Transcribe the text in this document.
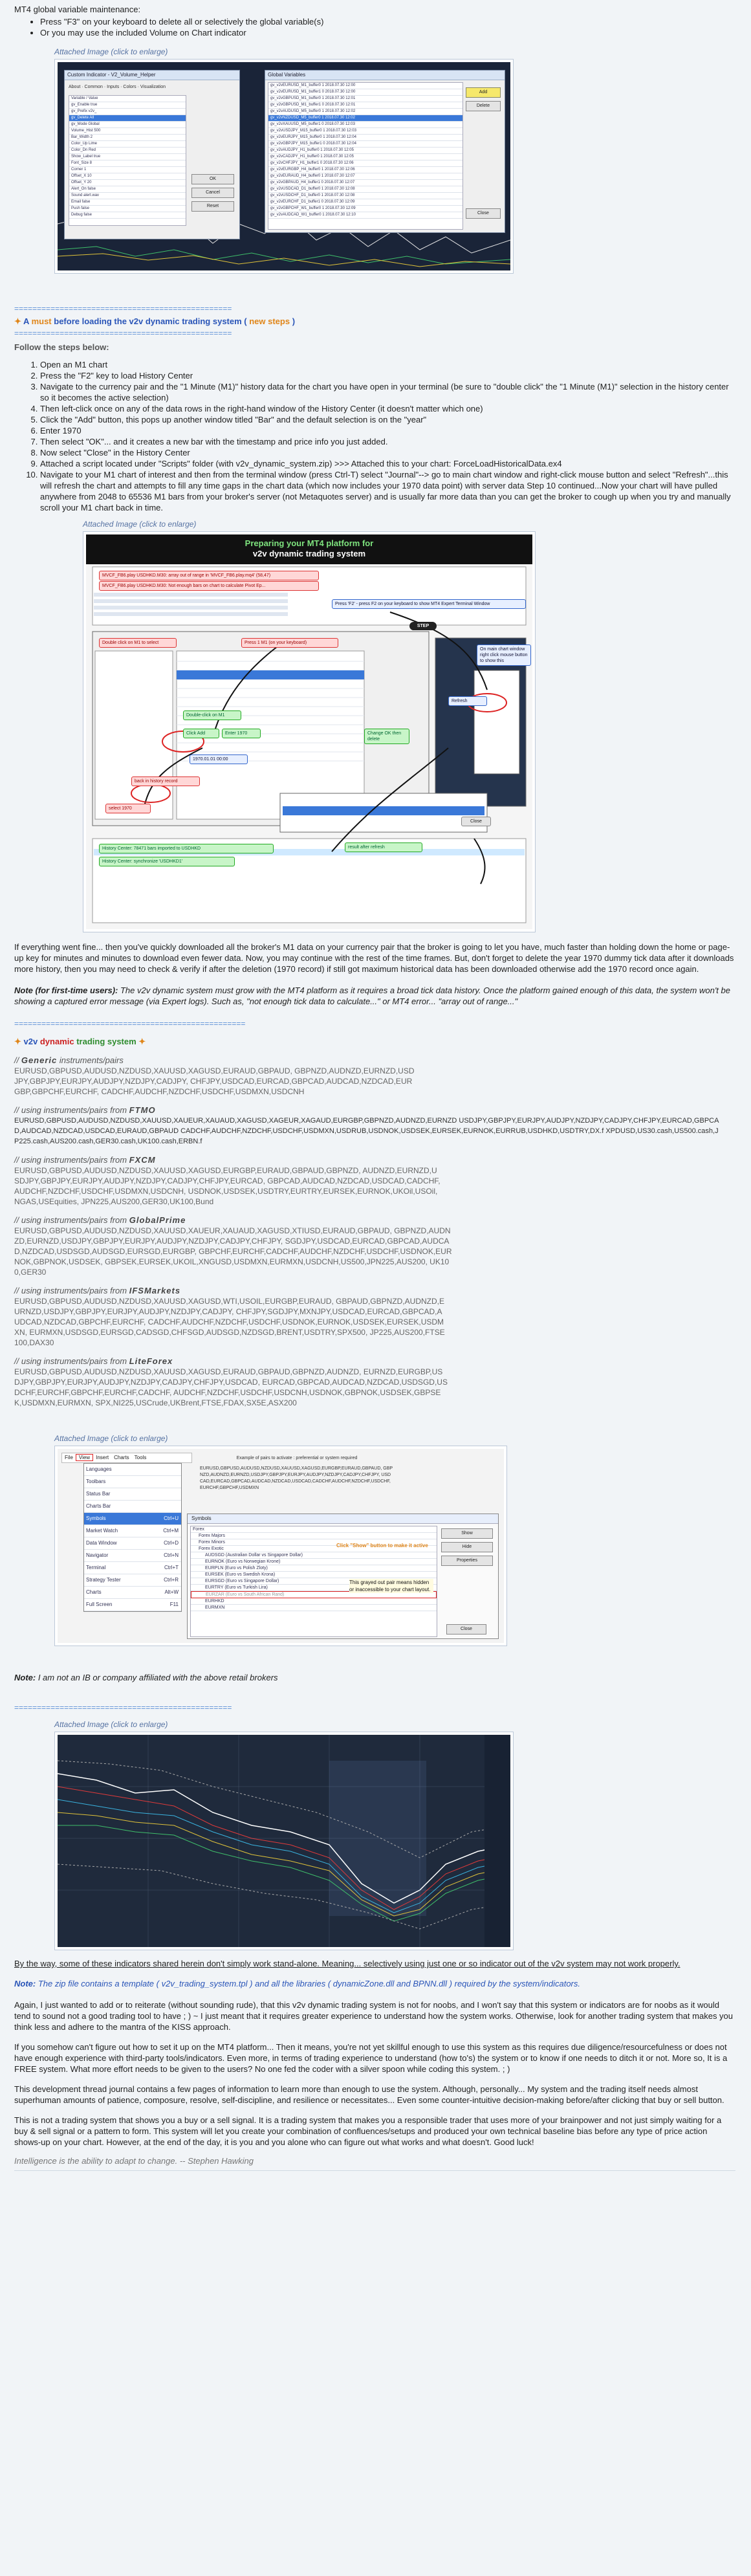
MT4 global variable maintenance:

• Press "F3" on your keyboard to delete all or selectively the global variable(s)
• Or you may use the included Volume on Chart indicator
Attached Image (click to enlarge)
Custom Indicator - V2_Volume_Helper
About · Common · Inputs · Colors · Visualization
Variable / Value
gv_Enable true
gv_Prefix v2v_
gv_Delete All
gv_Mode Global
Volume_Hist 500
Bar_Width 2
Color_Up Lime
Color_Dn Red
Show_Label true
Font_Size 8
Corner 1
Offset_X 10
Offset_Y 20
Alert_On false
Sound alert.wav
Email false
Push false
Debug false
OK
Cancel
Reset
Global Variables
gv_v2vEURUSD_M1_buffer0 1 2018.07.30 12:00
gv_v2vEURUSD_M1_buffer1 0 2018.07.30 12:00
gv_v2vGBPUSD_M1_buffer0 1 2018.07.30 12:01
gv_v2vGBPUSD_M1_buffer1 0 2018.07.30 12:01
gv_v2vAUDUSD_M5_buffer0 1 2018.07.30 12:02
gv_v2vNZDUSD_M5_buffer0 1 2018.07.30 12:02
gv_v2vXAUUSD_M5_buffer1 0 2018.07.30 12:03
gv_v2vUSDJPY_M15_buffer0 1 2018.07.30 12:03
gv_v2vEURJPY_M15_buffer0 1 2018.07.30 12:04
gv_v2vGBPJPY_M15_buffer1 0 2018.07.30 12:04
gv_v2vAUDJPY_H1_buffer0 1 2018.07.30 12:05
gv_v2vCADJPY_H1_buffer0 1 2018.07.30 12:05
gv_v2vCHFJPY_H1_buffer1 0 2018.07.30 12:06
gv_v2vEURGBP_H4_buffer0 1 2018.07.30 12:06
gv_v2vEURAUD_H4_buffer0 1 2018.07.30 12:07
gv_v2vGBPAUD_H4_buffer1 0 2018.07.30 12:07
gv_v2vUSDCAD_D1_buffer0 1 2018.07.30 12:08
gv_v2vUSDCHF_D1_buffer0 1 2018.07.30 12:08
gv_v2vEURCHF_D1_buffer1 0 2018.07.30 12:09
gv_v2vGBPCHF_W1_buffer0 1 2018.07.30 12:09
gv_v2vAUDCAD_W1_buffer0 1 2018.07.30 12:10
Add
Delete
Close

================================================

✦ A must before loading the v2v dynamic trading system ( new steps )

================================================

Follow the steps below:

1. Open an M1 chart
2. Press the "F2" key to load History Center
3. Navigate to the currency pair and the "1 Minute (M1)" history data for the chart you have open in your terminal (be sure to "double click" the "1 Minute (M1)" selection in the history center so it becomes the active selection)
4. Then left-click once on any of the data rows in the right-hand window of the History Center (it doesn't matter which one)
5. Click the "Add" button, this pops up another window titled "Bar" and the default selection is on the "year"
6. Enter 1970
7. Then select "OK"... and it creates a new bar with the timestamp and price info you just added.
8. Now select "Close" in the History Center
9. Attached a script located under "Scripts" folder (with v2v_dynamic_system.zip) >>> Attached this to your chart: ForceLoadHistoricalData.ex4
10. Navigate to your M1 chart of interest and then from the terminal window (press Ctrl-T) select "Journal"--> go to main chart window and right-click mouse button and select "Refresh"...this will refresh the chart and attempts to fill any time gaps in the chart data (which now includes your 1970 data point) with server data Step 10 continued...Now your chart will have pulled anywhere from 2048 to 65536 M1 bars from your broker's server (not Metaquotes server) and is usually far more data than you can get the broker to cough up when you try and manually scroll your M1 chart back in time.
Attached Image (click to enlarge)
Preparing your MT4 platform for
v2v dynamic trading system
MVCF_FB6.play USDHKD.M30: array out of range in 'MVCF_FB6.play.mq4' (58,47)
MVCF_FB6.play USDHKD.M30: Not enough bars on chart to calculate Pivot Ep...
Press 'F2' - press F2 on your keyboard to show MT4 Expert Terminal Window
Press 1 M1 (on your keyboard)
STEP
Double click on M1 to select
Double-click on M1
Click Add	Enter 1970
1970.01.01 00:00
back in history record
select 1970
Change OK then delete
Refresh
On main chart window right click mouse button to show this
History Center: 78471 bars imported to USDHKD
History Center: synchronize 'USDHKD1'
result after refresh
Close

If everything went fine... then you've quickly downloaded all the broker's M1 data on your currency pair that the broker is going to let you have, much faster than holding down the home or page-up key for minutes and minutes to download even fewer data. Now, you may continue with the rest of the time frames. But, don't forget to delete the year 1970 dummy tick data after it downloads more history, then you may need to check & verify if after the deletion (1970 record) if still got maximum historical data has been downloaded otherwise add the 1970 record once again.

Note (for first-time users): The v2v dynamic system must grow with the MT4 platform as it requires a broad tick data history. Once the platform gained enough of this data, the system won't be showing a captured error message (via Expert logs). Such as, "not enough tick data to calculate..." or MT4 error... "array out of range..."

===================================================

✦ v2v dynamic trading system ✦

// Generic instruments/pairs

EURUSD,GBPUSD,AUDUSD,NZDUSD,XAUUSD,XAGUSD,EURAUD,GBPAUD, GBPNZD,AUDNZD,EURNZD,USDJPY,GBPJPY,EURJPY,AUDJPY,NZDJPY,CADJPY, CHFJPY,USDCAD,EURCAD,GBPCAD,AUDCAD,NZDCAD,EURGBP,GBPCHF,EURCHF, CADCHF,AUDCHF,NZDCHF,USDCHF,USDMXN,USDCNH

// using instruments/pairs from FTMO

EURUSD,GBPUSD,AUDUSD,NZDUSD,XAUUSD,XAUEUR,XAUAUD,XAGUSD,XAGEUR,XAGAUD,EURGBP,GBPNZD,AUDNZD,EURNZD USDJPY,GBPJPY,EURJPY,AUDJPY,NZDJPY,CADJPY,CHFJPY,EURCAD,GBPCAD,AUDCAD,NZDCAD,USDCAD,EURAUD,GBPAUD CADCHF,AUDCHF,NZDCHF,USDCHF,USDMXN,USDRUB,USDNOK,USDSEK,EURSEK,EURNOK,EURRUB,USDHKD,USDTRY,DX.f XPDUSD,US30.cash,US500.cash,JP225.cash,AUS200.cash,GER30.cash,UK100.cash,ERBN.f

// using instruments/pairs from FXCM

EURUSD,GBPUSD,AUDUSD,NZDUSD,XAUUSD,XAGUSD,EURGBP,EURAUD,GBPAUD,GBPNZD, AUDNZD,EURNZD,USDJPY,GBPJPY,EURJPY,AUDJPY,NZDJPY,CADJPY,CHFJPY,EURCAD, GBPCAD,AUDCAD,NZDCAD,USDCAD,CADCHF,AUDCHF,NZDCHF,USDCHF,USDMXN,USDCNH, USDNOK,USDSEK,USDTRY,EURTRY,EURSEK,EURNOK,UKOil,USOil,NGAS,USEquities, JPN225,AUS200,GER30,UK100,Bund

// using instruments/pairs from GlobalPrime

EURUSD,GBPUSD,AUDUSD,NZDUSD,XAUUSD,XAUEUR,XAUAUD,XAGUSD,XTIUSD,EURAUD,GBPAUD, GBPNZD,AUDNZD,EURNZD,USDJPY,GBPJPY,EURJPY,AUDJPY,NZDJPY,CADJPY,CHFJPY, SGDJPY,USDCAD,EURCAD,GBPCAD,AUDCAD,NZDCAD,USDSGD,AUDSGD,EURSGD,EURGBP, GBPCHF,EURCHF,CADCHF,AUDCHF,NZDCHF,USDCHF,USDNOK,EURNOK,GBPNOK,USDSEK, GBPSEK,EURSEK,UKOIL,XNGUSD,USDMXN,EURMXN,USDCNH,US500,JPN225,AUS200, UK100,GER30

// using instruments/pairs from IFSMarkets

EURUSD,GBPUSD,AUDUSD,NZDUSD,XAUUSD,XAGUSD,WTI,USOIL,EURGBP,EURAUD, GBPAUD,GBPNZD,AUDNZD,EURNZD,USDJPY,GBPJPY,EURJPY,AUDJPY,NZDJPY,CADJPY, CHFJPY,SGDJPY,MXNJPY,USDCAD,EURCAD,GBPCAD,AUDCAD,NZDCAD,GBPCHF,EURCHF, CADCHF,AUDCHF,NZDCHF,USDCHF,USDNOK,EURNOK,USDSEK,EURSEK,USDMXN, EURMXN,USDSGD,EURSGD,CADSGD,CHFSGD,AUDSGD,NZDSGD,BRENT,USDTRY,SPX500, JP225,AUS200,FTSE100,DAX30

// using instruments/pairs from LiteForex

EURUSD,GBPUSD,AUDUSD,NZDUSD,XAUUSD,XAGUSD,EURAUD,GBPAUD,GBPNZD,AUDNZD, EURNZD,EURGBP,USDJPY,GBPJPY,EURJPY,AUDJPY,NZDJPY,CADJPY,CHFJPY,USDCAD, EURCAD,GBPCAD,AUDCAD,NZDCAD,USDSGD,USDCHF,EURCHF,GBPCHF,EURCHF,CADCHF, AUDCHF,NZDCHF,USDCHF,USDCNH,USDNOK,GBPNOK,USDSEK,GBPSEK,USDMXN,EURMXN, SPX,NI225,USCrude,UKBrent,FTSE,FDAX,SX5E,ASX200

Attached Image (click to enlarge)
File View Insert Charts Tools
Languages
Toolbars
Status Bar
Charts Bar
Symbols	Ctrl+U
Market Watch	Ctrl+M
Data Window	Ctrl+D
Navigator	Ctrl+N
Terminal	Ctrl+T
Strategy Tester	Ctrl+R
Charts	Alt+W
Full Screen	F11
Example of pairs to activate : preferential or system required
EURUSD,GBPUSD,AUDUSD,NZDUSD,XAUUSD,XAGUSD,EURGBP,EURAUD,GBPAUD, GBPNZD,AUDNZD,EURNZD,USDJPY,GBPJPY,EURJPY,AUDJPY,NZDJPY,CADJPY,CHFJPY, USDCAD,EURCAD,GBPCAD,AUDCAD,NZDCAD,USDCAD,CADCHF,AUDCHF,NZDCHF,USDCHF, EURCHF,GBPCHF,USDMXN
Symbols
Forex
Forex Majors
Forex Minors
Forex Exotic
AUDSGD (Australian Dollar vs Singapore Dollar)
EURNOK (Euro vs Norwegian Krone)
EURPLN (Euro vs Polish Zloty)
EURSEK (Euro vs Swedish Krona)
EURSGD (Euro vs Singapore Dollar)
EURTRY (Euro vs Turkish Lira)
EURZAR (Euro vs South African Rand)
EURHKD
EURMXN
Show
Hide
Properties
Click "Show" button to make it active
This grayed out pair means hidden or inaccessible to your chart layout.
Close

Note: I am not an IB or company affiliated with the above retail brokers

================================================

Attached Image (click to enlarge)

By the way, some of these indicators shared herein don't simply work stand-alone. Meaning... selectively using just one or so indicator out of the v2v system may not work properly.

Note: The zip file contains a template ( v2v_trading_system.tpl ) and all the libraries ( dynamicZone.dll and BPNN.dll ) required by the system/indicators.

Again, I just wanted to add or to reiterate (without sounding rude), that this v2v dynamic trading system is not for noobs, and I won't say that this system or indicators are for noobs as it would tend to sound not a good trading tool to have ; ) ~ I just meant that it requires greater experience to understand how the system works. Otherwise, look for another trading system that makes you think less and adhere to the mantra of the KISS approach.

If you somehow can't figure out how to set it up on the MT4 platform... Then it means, you're not yet skillful enough to use this system as this requires due diligence/resourcefulness or does not have enough experience with third-party tools/indicators. Even more, in terms of trading experience to understand (how to's) the system or to know if one needs to ditch it or not. More so, It is a FREE system. What more effort needs to be given to the users? No one fed the coder with a silver spoon while coding this system. ; )

This development thread journal contains a few pages of information to learn more than enough to use the system. Although, personally... My system and the trading itself needs almost superhuman amounts of patience, composure, resolve, self-discipline, and resilience or necessitates... Even some counter-intuitive decision-making before/after clicking that buy or sell button.

This is not a trading system that shows you a buy or a sell signal. It is a trading system that makes you a responsible trader that uses more of your brainpower and not just simply waiting for a buy & sell signal or a pattern to form. This system will let you create your combination of confluences/setups and produced your own technical baseline bias before any type of price action shows-up on your chart. However, at the end of the day, it is you and you alone who can figure out what works and what doesn't. Good luck!

Intelligence is the ability to adapt to change. -- Stephen Hawking
